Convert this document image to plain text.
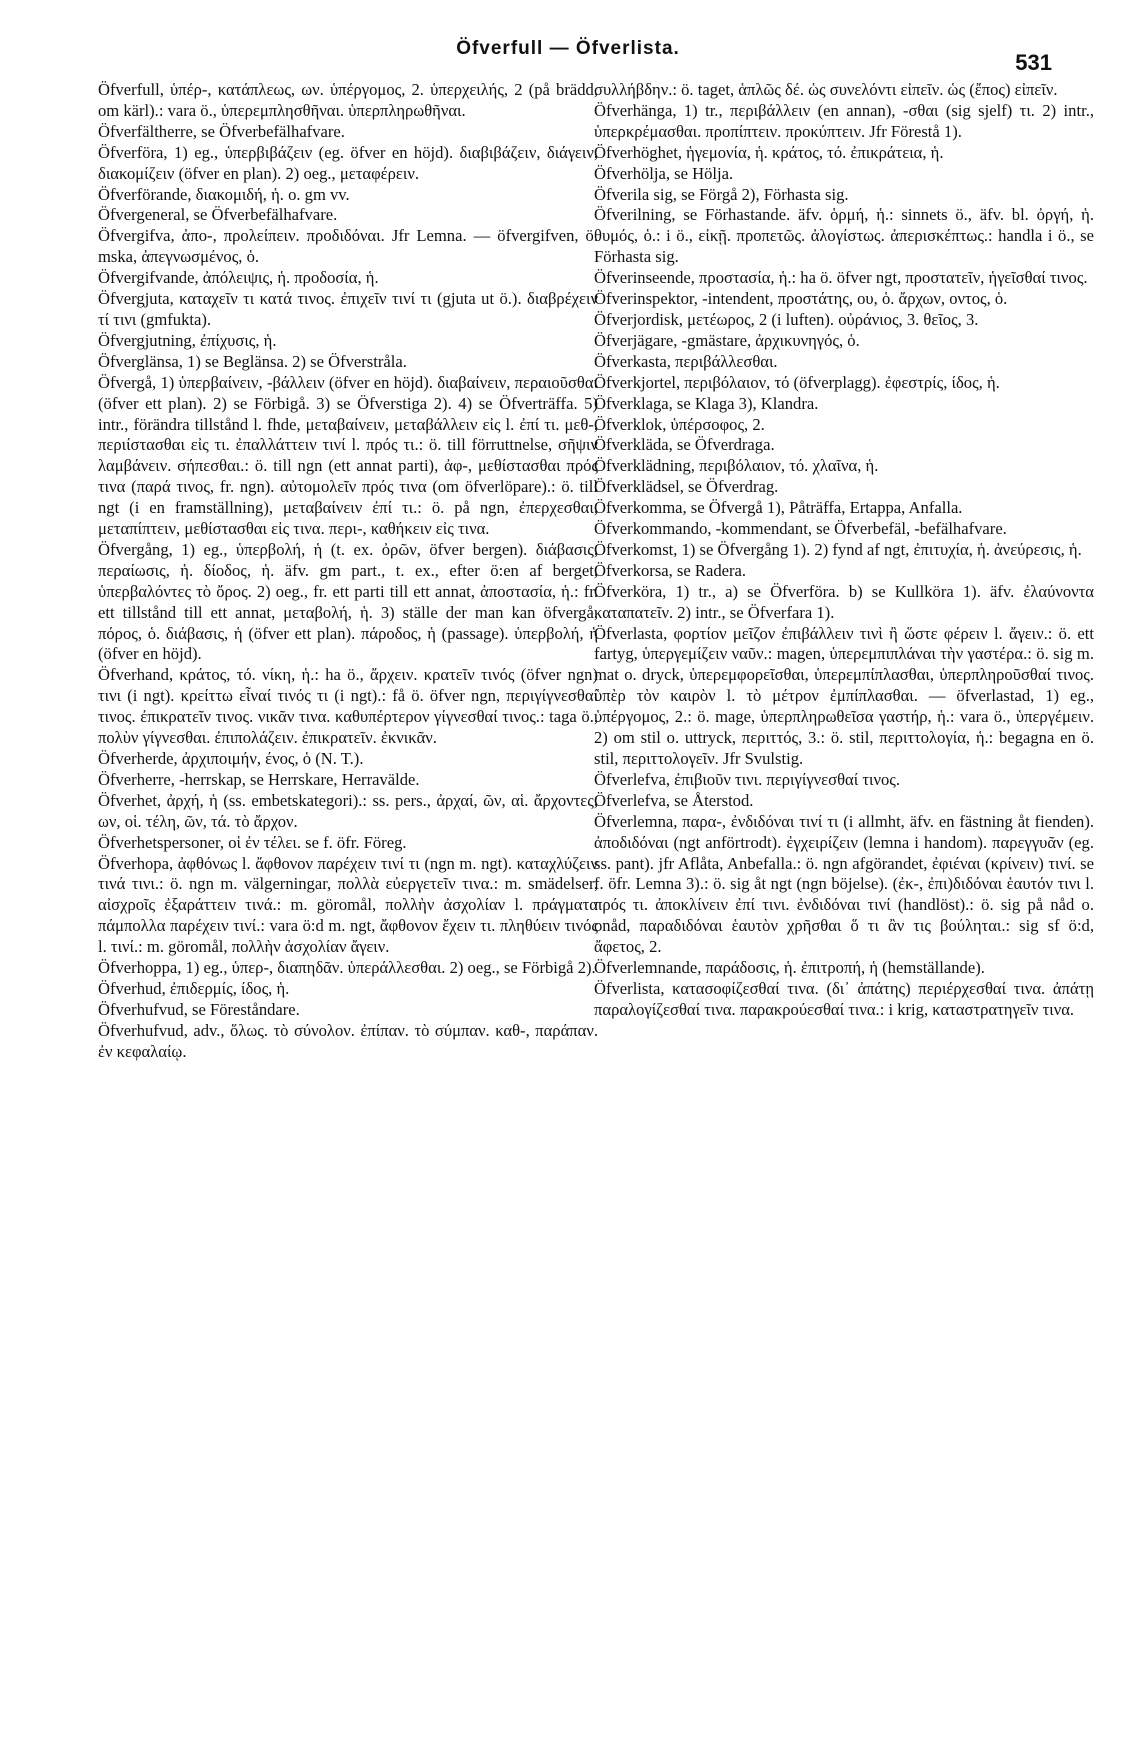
Öfverfull — Öfverlista.
531

Öfverfull, ὑπέρ-, κατάπλεως, ων. ὑπέργομος, 2. ὑπερχειλής, 2 (på brädd, om kärl).: vara ö., ὑπερεμπλησθῆναι. ὑπερπληρωθῆναι.

Öfverfältherre, se Öfverbefälhafvare.

Öfverföra, 1) eg., ὑπερβιβάζειν (eg. öfver en höjd). διαβιβάζειν, διάγειν, διακομίζειν (öfver en plan). 2) oeg., μεταφέρειν.

Öfverförande, διακομιδή, ἡ. o. gm vv.

Öfvergeneral, se Öfverbefälhafvare.

Öfvergifva, ἀπο-, προλείπειν. προδιδόναι. Jfr Lemna. — öfvergifven, ö. mska, ἀπεγνωσμένος, ὁ.

Öfvergifvande, ἀπόλειψις, ἡ. προδοσία, ἡ.

Öfvergjuta, καταχεῖν τι κατά τινος. ἐπιχεῖν τινί τι (gjuta ut ö.). διαβρέχειν τί τινι (gmfukta).

Öfvergjutning, ἐπίχυσις, ἡ.

Öfverglänsa, 1) se Beglänsa. 2) se Öfverstråla.

Öfvergå, 1) ὑπερβαίνειν, -βάλλειν (öfver en höjd). διαβαίνειν, περαιοῦσθαι (öfver ett plan). 2) se Förbigå. 3) se Öfverstiga 2). 4) se Öfverträffa. 5) intr., förändra tillstånd l. fhde, μεταβαίνειν, μεταβάλλειν εἰς l. ἐπί τι. μεθ-, περιίστασθαι εἰς τι. ἐπαλλάττειν τινί l. πρός τι.: ö. till förruttnelse, σῆψιν λαμβάνειν. σήπεσθαι.: ö. till ngn (ett annat parti), ἀφ-, μεθίστασθαι πρός τινα (παρά τινος, fr. ngn). αὐτομολεῖν πρός τινα (om öfverlöpare).: ö. till ngt (i en framställning), μεταβαίνειν ἐπί τι.: ö. på ngn, ἐπερχεσθαι, μεταπίπτειν, μεθίστασθαι εἰς τινα. περι-, καθήκειν εἰς τινα.

Öfvergång, 1) eg., ὑπερβολή, ἡ (t. ex. ὀρῶν, öfver bergen). διάβασις, περαίωσις, ἡ. δίοδος, ἡ. äfv. gm part., t. ex., efter ö:en af berget, ὑπερβαλόντες τὸ ὄρος. 2) oeg., fr. ett parti till ett annat, ἀποστασία, ἡ.: fr. ett tillstånd till ett annat, μεταβολή, ἡ. 3) ställe der man kan öfvergå, πόρος, ὁ. διάβασις, ἡ (öfver ett plan). πάροδος, ἡ (passage). ὑπερβολή, ἡ (öfver en höjd).

Öfverhand, κράτος, τό. νίκη, ἡ.: ha ö., ἄρχειν. κρατεῖν τινός (öfver ngn) τινι (i ngt). κρείττω εἶναί τινός τι (i ngt).: få ö. öfver ngn, περιγίγνεσθαί τινος. ἐπικρατεῖν τινος. νικᾶν τινα. καθυπέρτερον γίγνεσθαί τινος.: taga ö., πολὺν γίγνεσθαι. ἐπιπολάζειν. ἐπικρατεῖν. ἐκνικᾶν.

Öfverherde, ἀρχιποιμήν, ένος, ὁ (N. T.).

Öfverherre, -herrskap, se Herrskare, Herravälde.

Öfverhet, ἀρχή, ἡ (ss. embetskategori).: ss. pers., ἀρχαί, ῶν, αἱ. ἄρχοντες, ων, οἱ. τέλη, ῶν, τά. τὸ ἄρχον.

Öfverhetspersoner, οἱ ἐν τέλει. se f. öfr. Föreg.

Öfverhopa, ἀφθόνως l. ἄφθονον παρέχειν τινί τι (ngn m. ngt). καταχλύζειν τινά τινι.: ö. ngn m. välgerningar, πολλὰ εὐεργετεῖν τινα.: m. smädelser, αἰσχροῖς ἐξαράττειν τινά.: m. göromål, πολλὴν ἀσχολίαν l. πράγματα πάμπολλα παρέχειν τινί.: vara ö:d m. ngt, ἄφθονον ἔχειν τι. πληθύειν τινός l. τινί.: m. göromål, πολλὴν ἀσχολίαν ἄγειν.

Öfverhoppa, 1) eg., ὑπερ-, διαπηδᾶν. ὑπεράλλεσθαι. 2) oeg., se Förbigå 2).

Öfverhud, ἐπιδερμίς, ίδος, ἡ.

Öfverhufvud, se Föreståndare.

Öfverhufvud, adv., ὅλως. τὸ σύνολον. ἐπίπαν. τὸ σύμπαν. καθ-, παράπαν. ἐν κεφαλαίῳ.

συλλήβδην.: ö. taget, ἁπλῶς δέ. ὡς συνελόντι εἰπεῖν. ὡς (ἔπος) εἰπεῖν.

Öfverhänga, 1) tr., περιβάλλειν (en annan), -σθαι (sig sjelf) τι. 2) intr., ὑπερκρέμασθαι. προπίπτειν. προκύπτειν. Jfr Förestå 1).

Öfverhöghet, ἡγεμονία, ἡ. κράτος, τό. ἐπικράτεια, ἡ.

Öfverhölja, se Hölja.

Öfverila sig, se Förgå 2), Förhasta sig.

Öfverilning, se Förhastande. äfv. ὁρμή, ἡ.: sinnets ö., äfv. bl. ὀργή, ἡ. θυμός, ὁ.: i ö., εἰκῇ. προπετῶς. ἀλογίστως. ἀπερισκέπτως.: handla i ö., se Förhasta sig.

Öfverinseende, προστασία, ἡ.: ha ö. öfver ngt, προστατεῖν, ἡγεῖσθαί τινος.

Öfverinspektor, -intendent, προστάτης, ου, ὁ. ἄρχων, οντος, ὁ.

Öfverjordisk, μετέωρος, 2 (i luften). οὐράνιος, 3. θεῖος, 3.

Öfverjägare, -gmästare, ἀρχικυνηγός, ὁ.

Öfverkasta, περιβάλλεσθαι.

Öfverkjortel, περιβόλαιον, τό (öfverplagg). ἐφεστρίς, ίδος, ἡ.

Öfverklaga, se Klaga 3), Klandra.

Öfverklok, ὑπέρσοφος, 2.

Öfverkläda, se Öfverdraga.

Öfverklädning, περιβόλαιον, τό. χλαῖνα, ἡ.

Öfverklädsel, se Öfverdrag.

Öfverkomma, se Öfvergå 1), Påträffa, Ertappa, Anfalla.

Öfverkommando, -kommendant, se Öfverbefäl, -befälhafvare.

Öfverkomst, 1) se Öfvergång 1). 2) fynd af ngt, ἐπιτυχία, ἡ. ἀνεύρεσις, ἡ.

Öfverkorsa, se Radera.

Öfverköra, 1) tr., a) se Öfverföra. b) se Kullköra 1). äfv. ἐλαύνοντα καταπατεῖν. 2) intr., se Öfverfara 1).

Öfverlasta, φορτίον μεῖζον ἐπιβάλλειν τινὶ ἢ ὥστε φέρειν l. ἄγειν.: ö. ett fartyg, ὑπεργεμίζειν ναῦν.: magen, ὑπερεμπιπλάναι τὴν γαστέρα.: ö. sig m. mat o. dryck, ὑπερεμφορεῖσθαι, ὑπερεμπίπλασθαι, ὑπερπληροῦσθαί τινος. ὑπὲρ τὸν καιρὸν l. τὸ μέτρον ἐμπίπλασθαι. — öfverlastad, 1) eg., ὑπέργομος, 2.: ö. mage, ὑπερπληρωθεῖσα γαστήρ, ἡ.: vara ö., ὑπεργέμειν. 2) om stil o. uttryck, περιττός, 3.: ö. stil, περιττολογία, ἡ.: begagna en ö. stil, περιττολογεῖν. Jfr Svulstig.

Öfverlefva, ἐπιβιοῦν τινι. περιγίγνεσθαί τινος.

Öfverlefva, se Återstod.

Öfverlemna, παρα-, ἐνδιδόναι τινί τι (i allmht, äfv. en fästning åt fienden). ἀποδιδόναι (ngt anförtrodt). ἐγχειρίζειν (lemna i handom). παρεγγυᾶν (eg. ss. pant). jfr Aflåta, Anbefalla.: ö. ngn afgörandet, ἐφιέναι (κρίνειν) τινί. se f. öfr. Lemna 3).: ö. sig åt ngt (ngn böjelse). (ἐκ-, ἐπι)διδόναι ἑαυτόν τινι l. πρός τι. ἀποκλίνειν ἐπί τινι. ἐνδιδόναι τινί (handlöst).: ö. sig på nåd o. onåd, παραδιδόναι ἑαυτὸν χρῆσθαι ὅ τι ἂν τις βούληται.: sig sf ö:d, ἄφετος, 2.

Öfverlemnande, παράδοσις, ἡ. ἐπιτροπή, ἡ (hemställande).

Öfverlista, κατασοφίζεσθαί τινα. (δι᾿ ἀπάτης) περιέρχεσθαί τινα. ἀπάτῃ παραλογίζεσθαί τινα. παρακρούεσθαί τινα.: i krig, καταστρατηγεῖν τινα.
